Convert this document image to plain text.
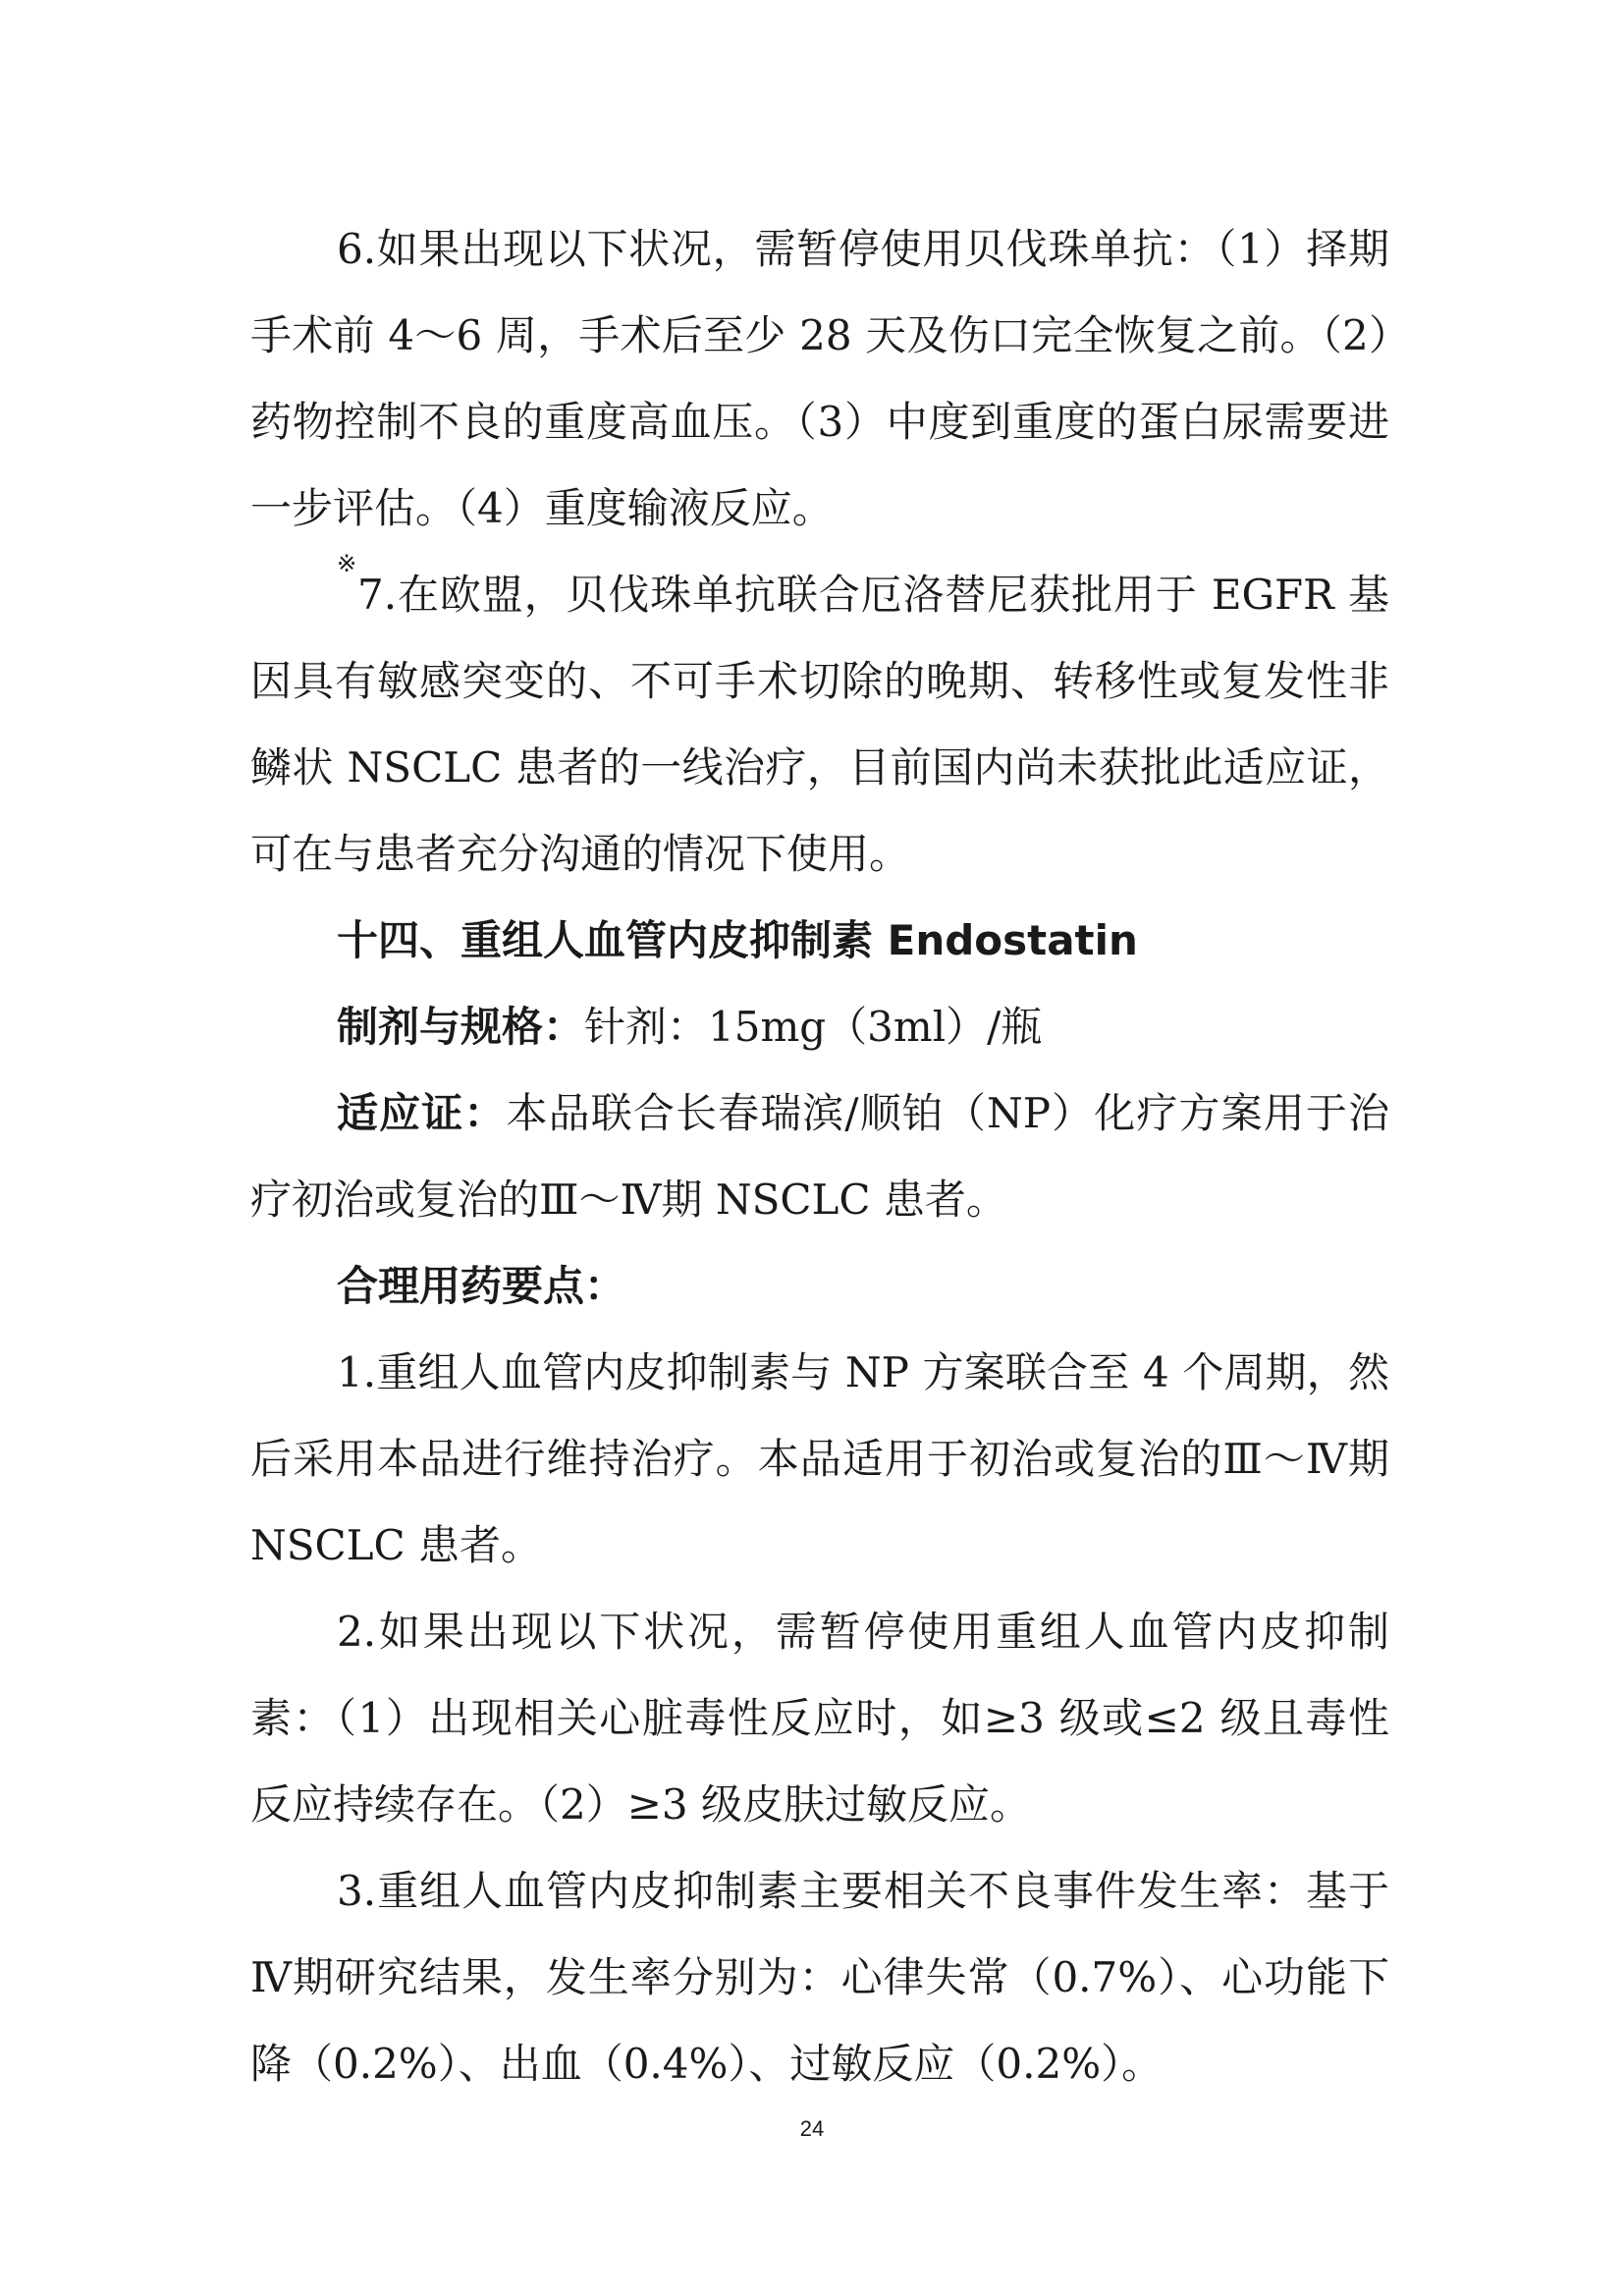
6.如果出现以下状况，需暂停使用贝伐珠单抗：（1）择期手术前 4～6 周，手术后至少 28 天及伤口完全恢复之前。（2）药物控制不良的重度高血压。（3）中度到重度的蛋白尿需要进一步评估。（4）重度输液反应。

※7.在欧盟，贝伐珠单抗联合厄洛替尼获批用于 EGFR 基因具有敏感突变的、不可手术切除的晚期、转移性或复发性非鳞状 NSCLC 患者的一线治疗，目前国内尚未获批此适应证，可在与患者充分沟通的情况下使用。

十四、重组人血管内皮抑制素 Endostatin

制剂与规格：针剂：15mg（3ml）/瓶

适应证：本品联合长春瑞滨/顺铂（NP）化疗方案用于治疗初治或复治的Ⅲ～Ⅳ期 NSCLC 患者。

合理用药要点：

1.重组人血管内皮抑制素与 NP 方案联合至 4 个周期，然后采用本品进行维持治疗。本品适用于初治或复治的Ⅲ～Ⅳ期 NSCLC 患者。

2.如果出现以下状况，需暂停使用重组人血管内皮抑制素：（1）出现相关心脏毒性反应时，如≥3 级或≤2 级且毒性反应持续存在。（2）≥3 级皮肤过敏反应。

3.重组人血管内皮抑制素主要相关不良事件发生率：基于Ⅳ期研究结果，发生率分别为：心律失常（0.7%）、心功能下降（0.2%）、出血（0.4%）、过敏反应（0.2%）。

24
